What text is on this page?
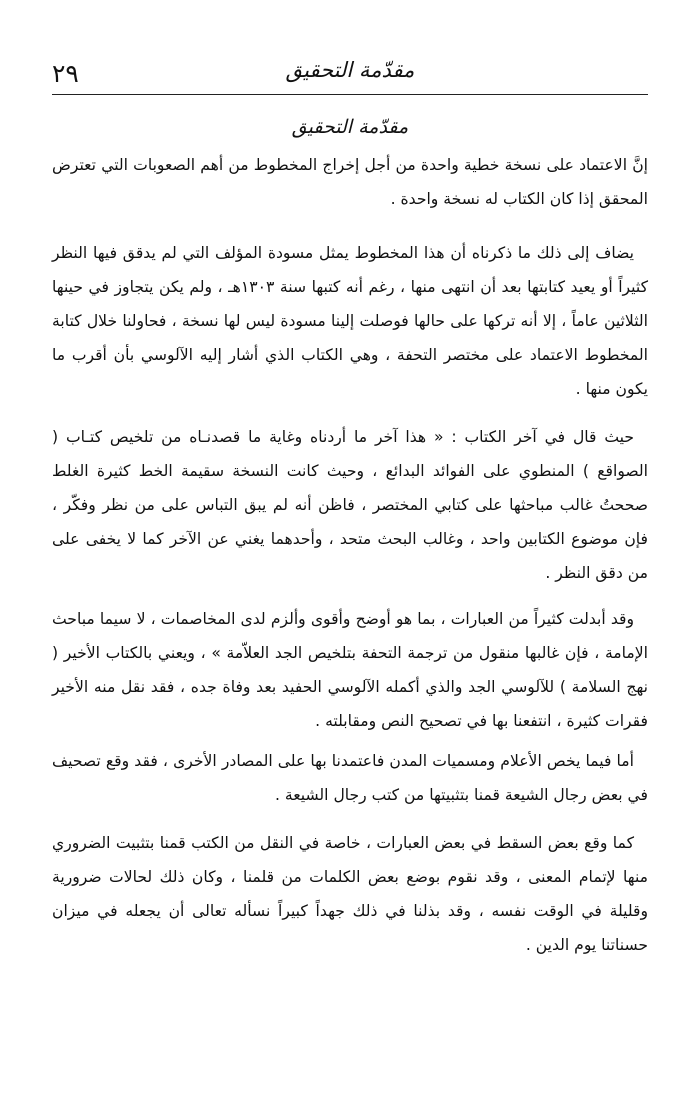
٢٩	مقدّمة التحقيق
مقدّمة التحقيق

إنَّ الاعتماد على نسخة خطية واحدة من أجل إخراج المخطوط من أهم الصعوبات التي تعترض المحقق إذا كان الكتاب له نسخة واحدة .

يضاف إلى ذلك ما ذكرناه أن هذا المخطوط يمثل مسودة المؤلف التي لم يدقق فيها النظر كثيراً أو يعيد كتابتها بعد أن انتهى منها ، رغم أنه كتبها سنة ١٣٠٣هـ ، ولم يكن يتجاوز في حينها الثلاثين عاماً ، إلا أنه تركها على حالها فوصلت إلينا مسودة ليس لها نسخة ، فحاولنا خلال كتابة المخطوط الاعتماد على مختصر التحفة ، وهي الكتاب الذي أشار إليه الآلوسي بأن أقرب ما يكون منها .

حيث قال في آخر الكتاب : « هذا آخر ما أردناه وغاية ما قصدنـاه من تلخيص كتـاب ( الصواقع ) المنطوي على الفوائد البدائع ، وحيث كانت النسخة سقيمة الخط كثيرة الغلط صححتُ غالب مباحثها على كتابي المختصر ، فاظن أنه لم يبق التباس على من نظر وفكّر ، فإن موضوع الكتابين واحد ، وغالب البحث متحد ، وأحدهما يغني عن الآخر كما لا يخفى على من دقق النظر .

وقد أبدلت كثيراً من العبارات ، بما هو أوضح وأقوى وألزم لدى المخاصمات ، لا سيما مباحث الإمامة ، فإن غالبها منقول من ترجمة التحفة بتلخيص الجد العلاّمة » ، ويعني بالكتاب الأخير ( نهج السلامة ) للآلوسي الجد والذي أكمله الآلوسي الحفيد بعد وفاة جده ، فقد نقل منه الأخير فقرات كثيرة ، انتفعنا بها في تصحيح النص ومقابلته .

أما فيما يخص الأعلام ومسميات المدن فاعتمدنا بها على المصادر الأخرى ، فقد وقع تصحيف في بعض رجال الشيعة قمنا بتثبيتها من كتب رجال الشيعة .

كما وقع بعض السقط في بعض العبارات ، خاصة في النقل من الكتب قمنا بتثبيت الضروري منها لإتمام المعنى ، وقد نقوم بوضع بعض الكلمات من قلمنا ، وكان ذلك لحالات ضرورية وقليلة في الوقت نفسه ، وقد بذلنا في ذلك جهداً كبيراً نسأله تعالى أن يجعله في ميزان حسناتنا يوم الدين .
